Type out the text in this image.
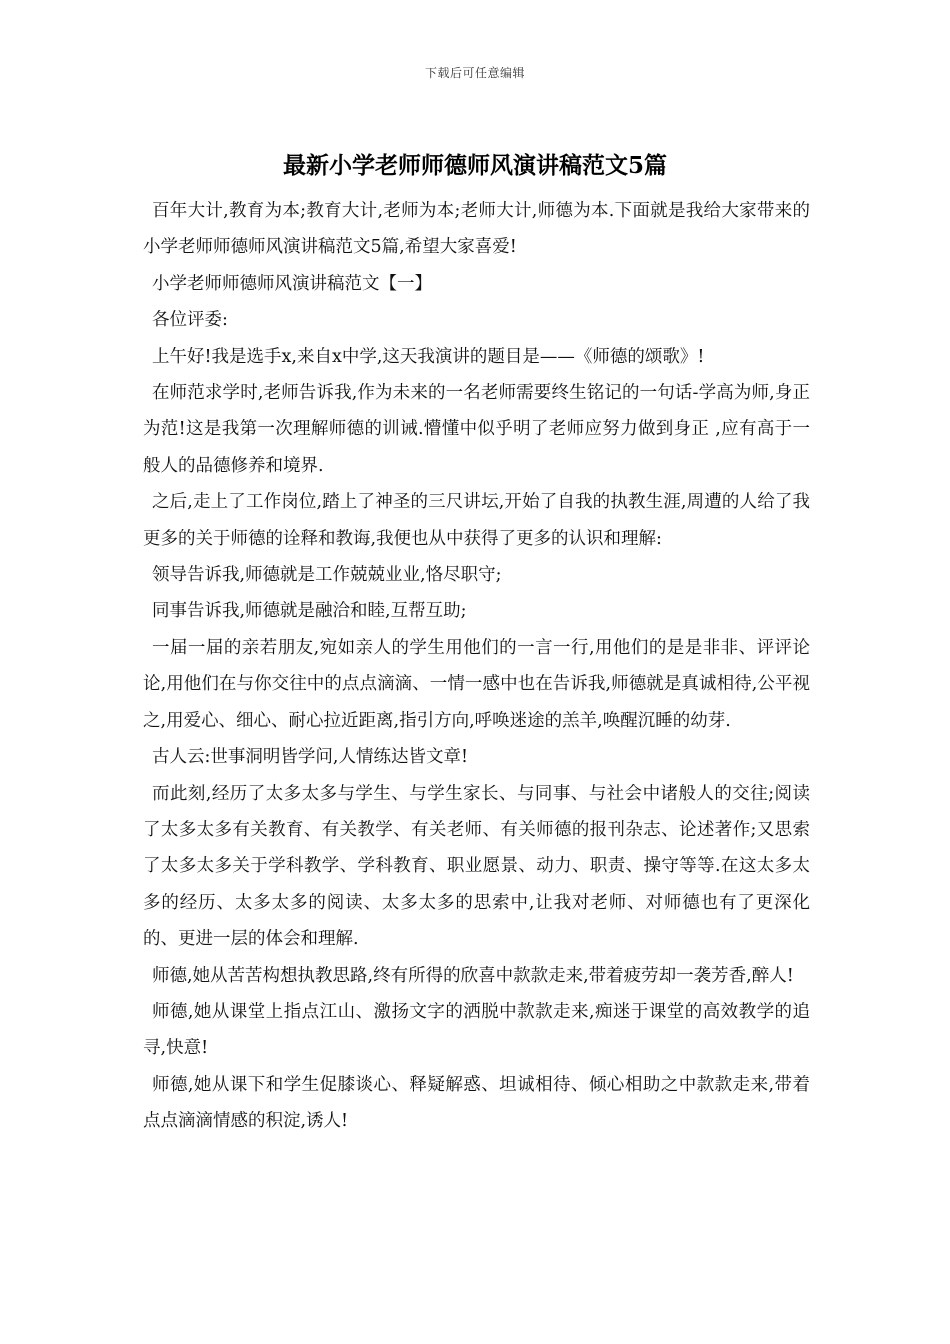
下载后可任意编辑
最新小学老师师德师风演讲稿范文5篇

百年大计,教育为本;教育大计,老师为本;老师大计,师德为本.下面就是我给大家带来的小学老师师德师风演讲稿范文5篇,希望大家喜爱!

小学老师师德师风演讲稿范文【一】

各位评委:

上午好!我是选手x,来自x中学,这天我演讲的题目是——《师德的颂歌》!

在师范求学时,老师告诉我,作为未来的一名老师需要终生铭记的一句话-学高为师,身正为范!这是我第一次理解师德的训诫.懵懂中似乎明了老师应努力做到身正 ,应有高于一般人的品德修养和境界.

之后,走上了工作岗位,踏上了神圣的三尺讲坛,开始了自我的执教生涯,周遭的人给了我更多的关于师德的诠释和教诲,我便也从中获得了更多的认识和理解:

领导告诉我,师德就是工作兢兢业业,恪尽职守;

同事告诉我,师德就是融洽和睦,互帮互助;

一届一届的亲若朋友,宛如亲人的学生用他们的一言一行,用他们的是是非非、评评论论,用他们在与你交往中的点点滴滴、一情一感中也在告诉我,师德就是真诚相待,公平视之,用爱心、细心、耐心拉近距离,指引方向,呼唤迷途的羔羊,唤醒沉睡的幼芽.

古人云:世事洞明皆学问,人情练达皆文章!

而此刻,经历了太多太多与学生、与学生家长、与同事、与社会中诸般人的交往;阅读了太多太多有关教育、有关教学、有关老师、有关师德的报刊杂志、论述著作;又思索了太多太多关于学科教学、学科教育、职业愿景、动力、职责、操守等等.在这太多太多的经历、太多太多的阅读、太多太多的思索中,让我对老师、对师德也有了更深化的、更进一层的体会和理解.

师德,她从苦苦构想执教思路,终有所得的欣喜中款款走来,带着疲劳却一袭芳香,醉人!

师德,她从课堂上指点江山、激扬文字的洒脱中款款走来,痴迷于课堂的高效教学的追寻,快意!

师德,她从课下和学生促膝谈心、释疑解惑、坦诚相待、倾心相助之中款款走来,带着点点滴滴情感的积淀,诱人!
